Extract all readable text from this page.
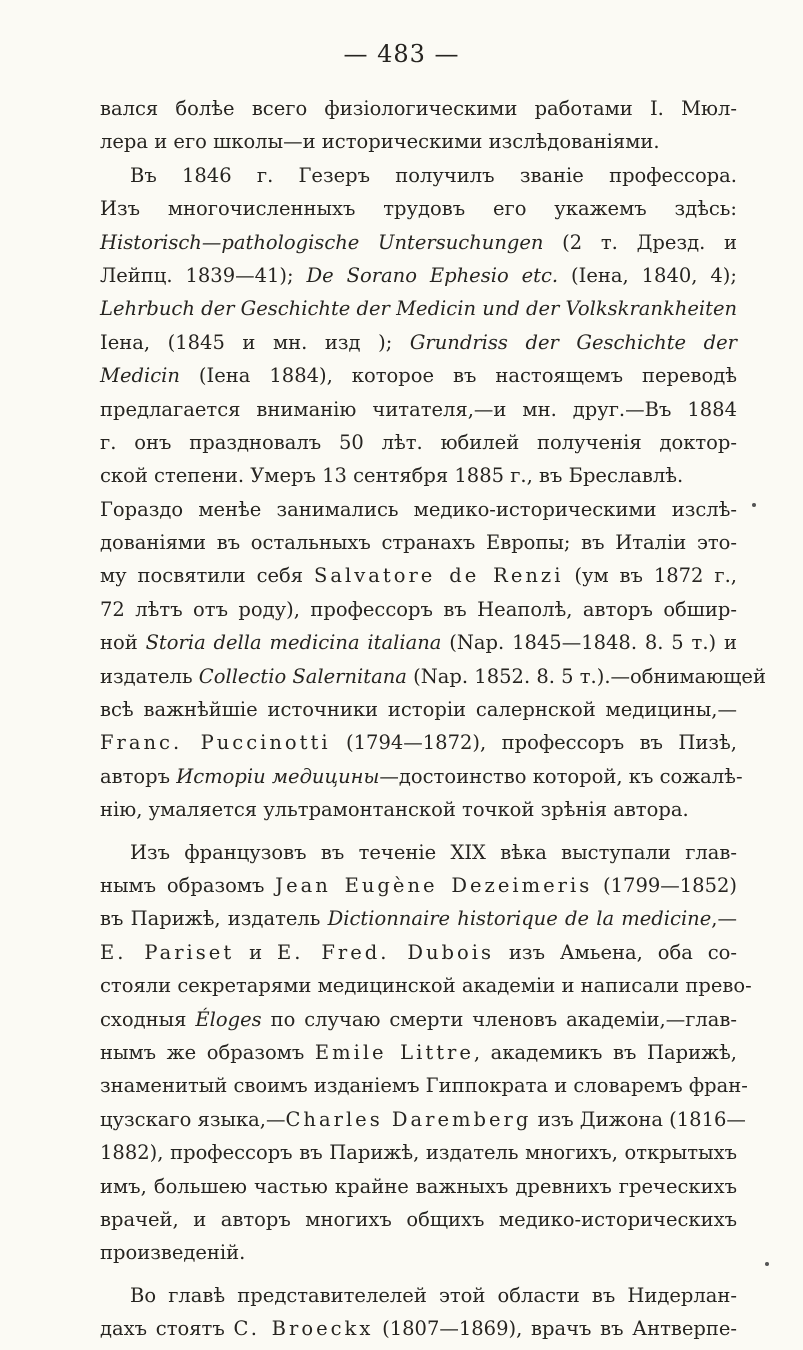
— 483 —
вался болѣе всего физіологическими работами І. Мюл-
лера и его школы—и историческими изслѣдованіями.
Въ 1846 г. Гезеръ получилъ званіе профессора.
Изъ многочисленныхъ трудовъ его укажемъ здѣсь:
Historisch—pathologische Untersuchungen (2 т. Дрезд. и
Лейпц. 1839—41); De Sorano Ephesio etc. (Іена, 1840, 4);
Lehrbuch der Geschichte der Medicin und der Volkskrankheiten
Іена, (1845 и мн. изд ); Grundriss der Geschichte der
Medicin (Іена 1884), которое въ настоящемъ переводѣ
предлагается вниманію читателя,—и мн. друг.—Въ 1884
г. онъ праздновалъ 50 лѣт. юбилей полученія доктор-
ской степени. Умеръ 13 сентября 1885 г., въ Бреславлѣ.
Гораздо менѣе занимались медико-историческими изслѣ-
дованіями въ остальныхъ странахъ Европы; въ Италіи это-
му посвятили себя Salvatore de Renzi (ум въ 1872 г.,
72 лѣтъ отъ роду), профессоръ въ Неаполѣ, авторъ обшир-
ной Storia della medicina italiana (Nap. 1845—1848. 8. 5 т.) и
издатель Collectio Salernitana (Nap. 1852. 8. 5 т.).—обнимающей
всѣ важнѣйшіе источники исторіи салернской медицины,—
Franc. Puccinotti (1794—1872), профессоръ въ Пизѣ,
авторъ Исторіи медицины—достоинство которой, къ сожалѣ-
нію, умаляется ультрамонтанской точкой зрѣнія автора.
Изъ французовъ въ теченіе XIX вѣка выступали глав-
нымъ образомъ Jean Eugène Dezeimeris (1799—1852)
въ Парижѣ, издатель Dictionnaire historique de la medicine,—
E. Pariset и E. Fred. Dubois изъ Амьена, оба со-
стояли секретарями медицинской академіи и написали прево-
сходныя Éloges по случаю смерти членовъ академіи,—глав-
нымъ же образомъ Emile Littre, академикъ въ Парижѣ,
знаменитый своимъ изданіемъ Гиппократа и словаремъ фран-
цузскаго языка,—Charles Daremberg изъ Дижона (1816—
1882), профессоръ въ Парижѣ, издатель многихъ, открытыхъ
имъ, большею частью крайне важныхъ древнихъ греческихъ
врачей, и авторъ многихъ общихъ медико-историческихъ
произведеній.
Во главѣ представителелей этой области въ Нидерлан-
дахъ стоятъ C. Broeckx (1807—1869), врачъ въ Антверпе-
